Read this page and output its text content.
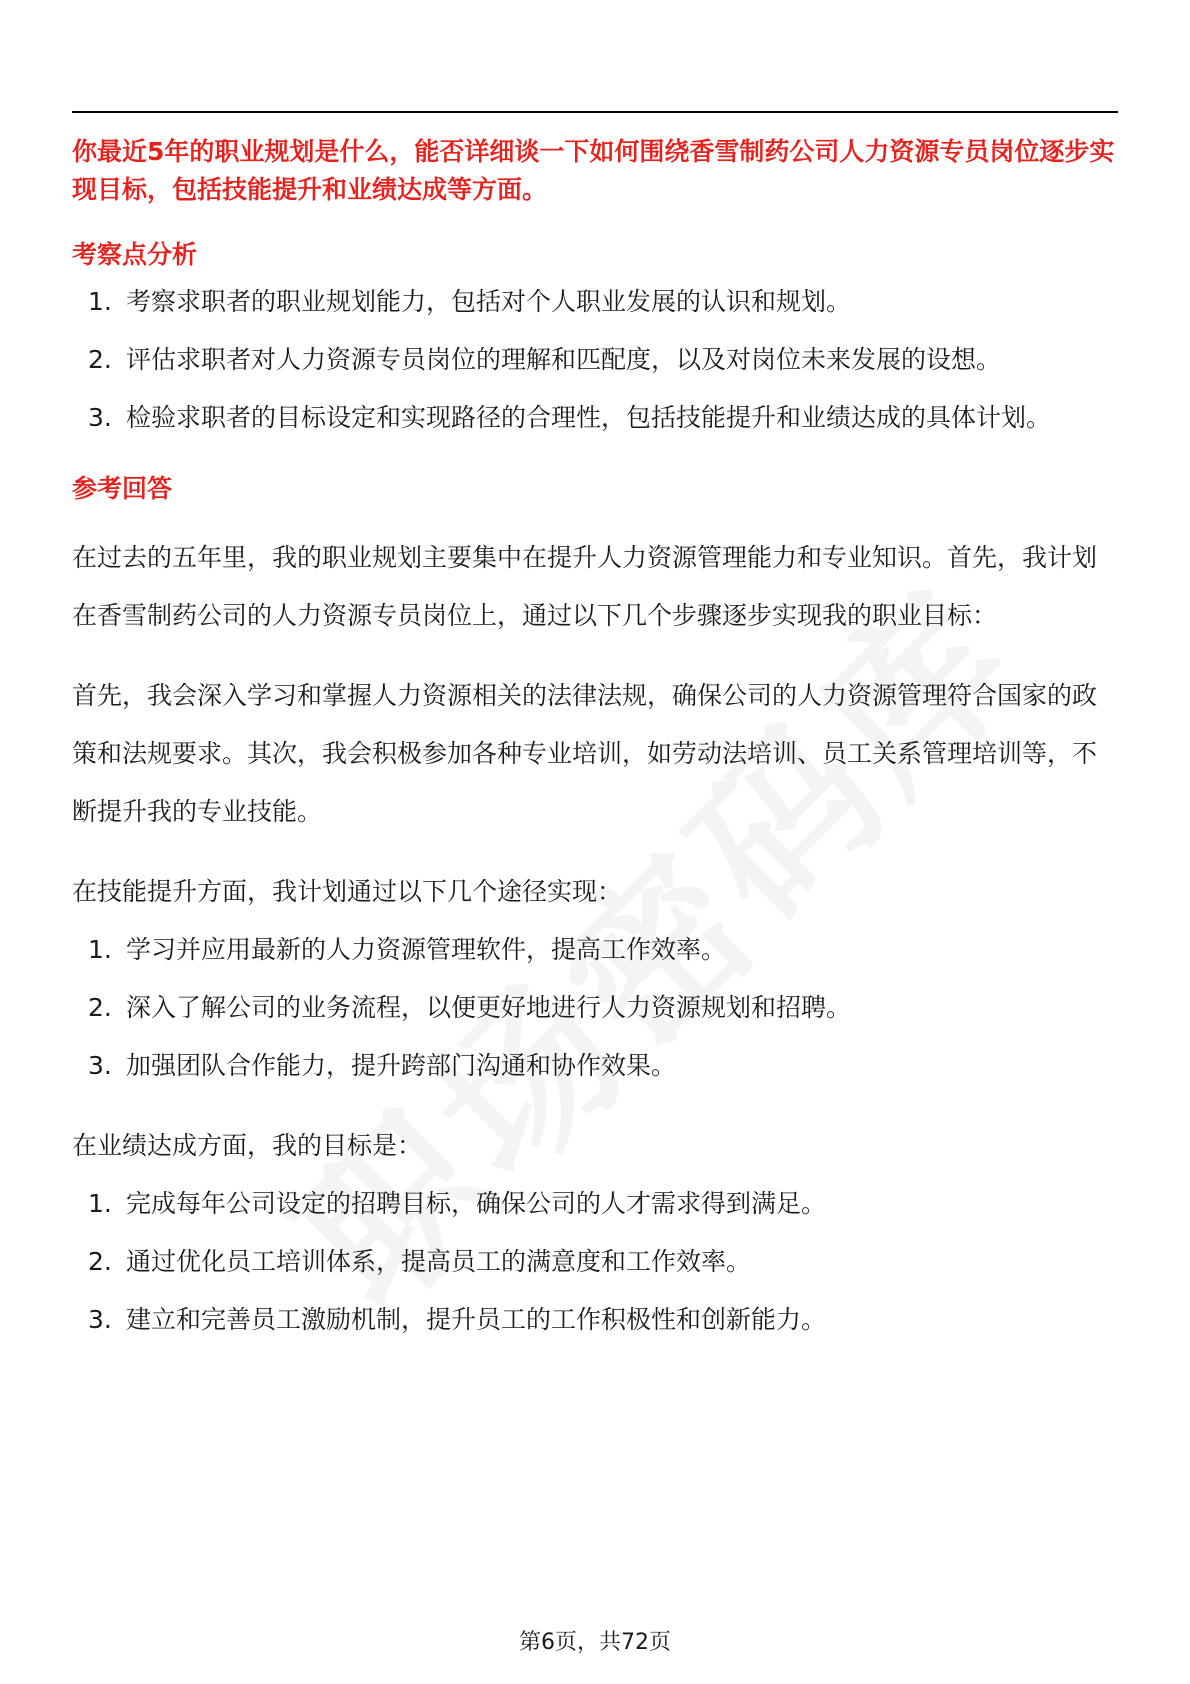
你最近5年的职业规划是什么，能否详细谈一下如何围绕香雪制药公司人力资源专员岗位逐步实现目标，包括技能提升和业绩达成等方面。

考察点分析
1. 考察求职者的职业规划能力，包括对个人职业发展的认识和规划。
2. 评估求职者对人力资源专员岗位的理解和匹配度，以及对岗位未来发展的设想。
3. 检验求职者的目标设定和实现路径的合理性，包括技能提升和业绩达成的具体计划。
参考回答

在过去的五年里，我的职业规划主要集中在提升人力资源管理能力和专业知识。首先，我计划在香雪制药公司的人力资源专员岗位上，通过以下几个步骤逐步实现我的职业目标：

首先，我会深入学习和掌握人力资源相关的法律法规，确保公司的人力资源管理符合国家的政策和法规要求。其次，我会积极参加各种专业培训，如劳动法培训、员工关系管理培训等，不断提升我的专业技能。

在技能提升方面，我计划通过以下几个途径实现：

1. 学习并应用最新的人力资源管理软件，提高工作效率。
2. 深入了解公司的业务流程，以便更好地进行人力资源规划和招聘。
3. 加强团队合作能力，提升跨部门沟通和协作效果。

在业绩达成方面，我的目标是：

1. 完成每年公司设定的招聘目标，确保公司的人才需求得到满足。
2. 通过优化员工培训体系，提高员工的满意度和工作效率。
3. 建立和完善员工激励机制，提升员工的工作积极性和创新能力。
第6页，共72页
